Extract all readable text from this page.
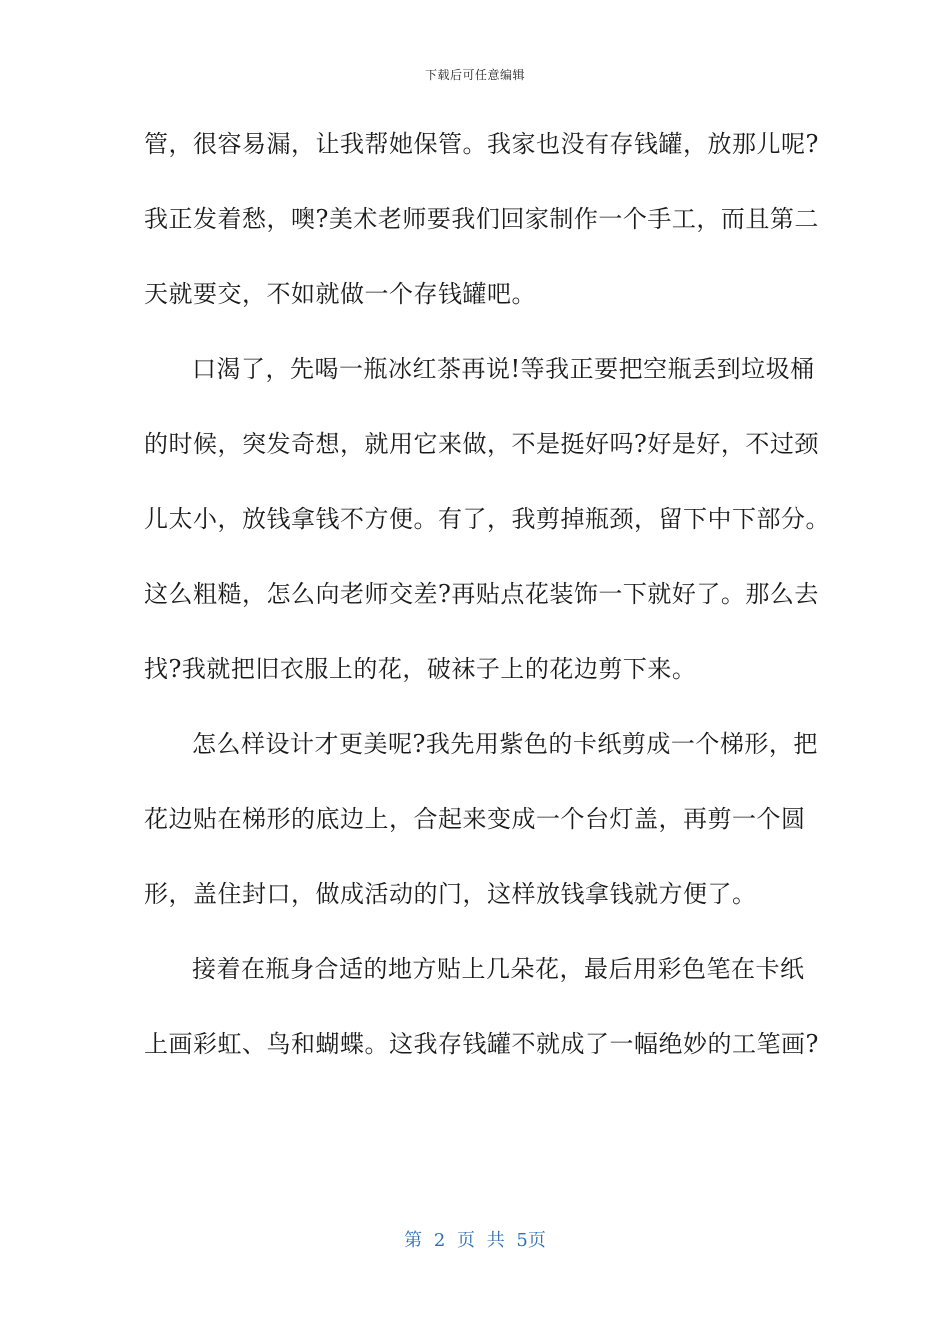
下载后可任意编辑
管，很容易漏，让我帮她保管。我家也没有存钱罐，放那儿呢?
我正发着愁，噢?美术老师要我们回家制作一个手工，而且第二
天就要交，不如就做一个存钱罐吧。
口渴了，先喝一瓶冰红茶再说!等我正要把空瓶丢到垃圾桶
的时候，突发奇想，就用它来做，不是挺好吗?好是好，不过颈
儿太小，放钱拿钱不方便。有了，我剪掉瓶颈，留下中下部分。
这么粗糙，怎么向老师交差?再贴点花装饰一下就好了。那么去
找?我就把旧衣服上的花，破袜子上的花边剪下来。
怎么样设计才更美呢?我先用紫色的卡纸剪成一个梯形，把
花边贴在梯形的底边上，合起来变成一个台灯盖，再剪一个圆
形，盖住封口，做成活动的门，这样放钱拿钱就方便了。
接着在瓶身合适的地方贴上几朵花，最后用彩色笔在卡纸
上画彩虹、鸟和蝴蝶。这我存钱罐不就成了一幅绝妙的工笔画?
第 2 页 共 5页
